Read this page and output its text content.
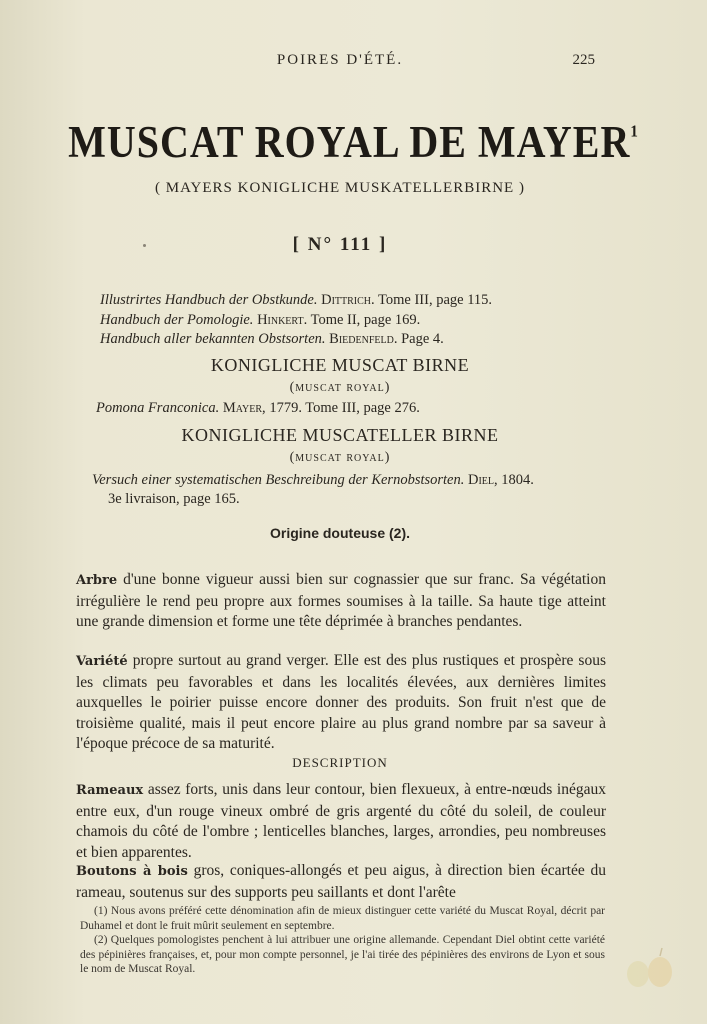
POIRES D'ÉTÉ.	225
MUSCAT ROYAL DE MAYER$^1$
( MAYERS KONIGLICHE MUSKATELLERBIRNE )
[ N° 111 ]
Illustrirtes Handbuch der Obstkunde. Dittrich. Tome III, page 115.
Handbuch der Pomologie. Hinkert. Tome II, page 169.
Handbuch aller bekannten Obstsorten. Biedenfeld. Page 4.
KONIGLICHE MUSCAT BIRNE
(muscat royal)
Pomona Franconica. Mayer, 1779. Tome III, page 276.
KONIGLICHE MUSCATELLER BIRNE
(muscat royal)
Versuch einer systematischen Beschreibung der Kernobstsorten. Diel, 1804.
3e livraison, page 165.
Origine douteuse (2).
Arbre d'une bonne vigueur aussi bien sur cognassier que sur franc. Sa végétation irrégulière le rend peu propre aux formes soumises à la taille. Sa haute tige atteint une grande dimension et forme une tête déprimée à branches pendantes.
Variété propre surtout au grand verger. Elle est des plus rustiques et prospère sous les climats peu favorables et dans les localités élevées, aux dernières limites auxquelles le poirier puisse encore donner des produits. Son fruit n'est que de troisième qualité, mais il peut encore plaire au plus grand nombre par sa saveur à l'époque précoce de sa maturité.
DESCRIPTION
Rameaux assez forts, unis dans leur contour, bien flexueux, à entre-nœuds inégaux entre eux, d'un rouge vineux ombré de gris argenté du côté du soleil, de couleur chamois du côté de l'ombre ; lenticelles blanches, larges, arrondies, peu nombreuses et bien apparentes.
Boutons à bois gros, coniques-allongés et peu aigus, à direction bien écartée du rameau, soutenus sur des supports peu saillants et dont l'arête
(1) Nous avons préféré cette dénomination afin de mieux distinguer cette variété du Muscat Royal, décrit par Duhamel et dont le fruit mûrit seulement en septembre.
(2) Quelques pomologistes penchent à lui attribuer une origine allemande. Cependant Diel obtint cette variété des pépinières françaises, et, pour mon compte personnel, je l'ai tirée des pépinières des environs de Lyon et sous le nom de Muscat Royal.
